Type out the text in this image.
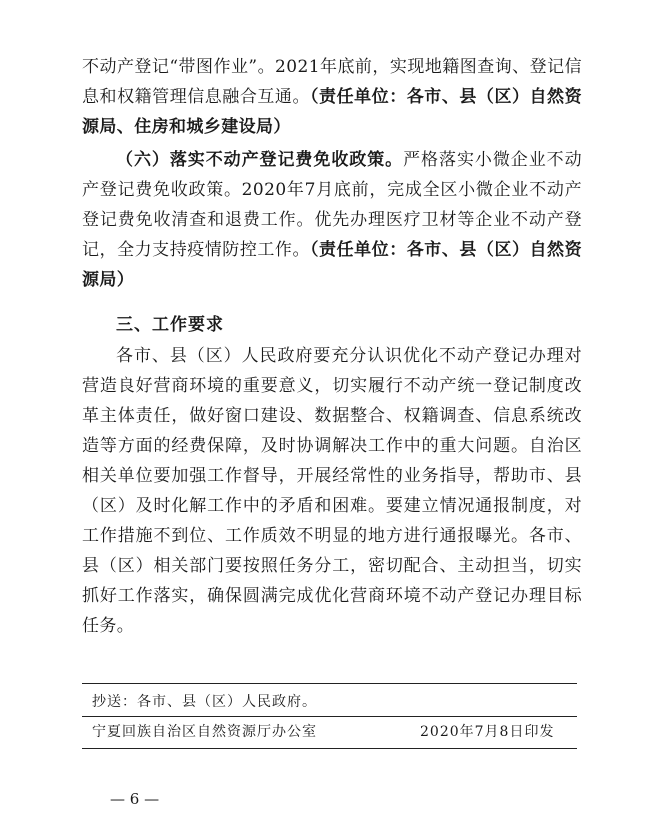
不动产登记“带图作业”。2021年底前，实现地籍图查询、登记信息和权籍管理信息融合互通。（责任单位：各市、县（区）自然资源局、住房和城乡建设局）

（六）落实不动产登记费免收政策。严格落实小微企业不动产登记费免收政策。2020年7月底前，完成全区小微企业不动产登记费免收清查和退费工作。优先办理医疗卫材等企业不动产登记，全力支持疫情防控工作。（责任单位：各市、县（区）自然资源局）

三、工作要求

各市、县（区）人民政府要充分认识优化不动产登记办理对营造良好营商环境的重要意义，切实履行不动产统一登记制度改革主体责任，做好窗口建设、数据整合、权籍调查、信息系统改造等方面的经费保障，及时协调解决工作中的重大问题。自治区相关单位要加强工作督导，开展经常性的业务指导，帮助市、县（区）及时化解工作中的矛盾和困难。要建立情况通报制度，对工作措施不到位、工作质效不明显的地方进行通报曝光。各市、县（区）相关部门要按照任务分工，密切配合、主动担当，切实抓好工作落实，确保圆满完成优化营商环境不动产登记办理目标任务。

抄送：各市、县（区）人民政府。

宁夏回族自治区自然资源厅办公室	2020年7月8日印发

— 6 —
